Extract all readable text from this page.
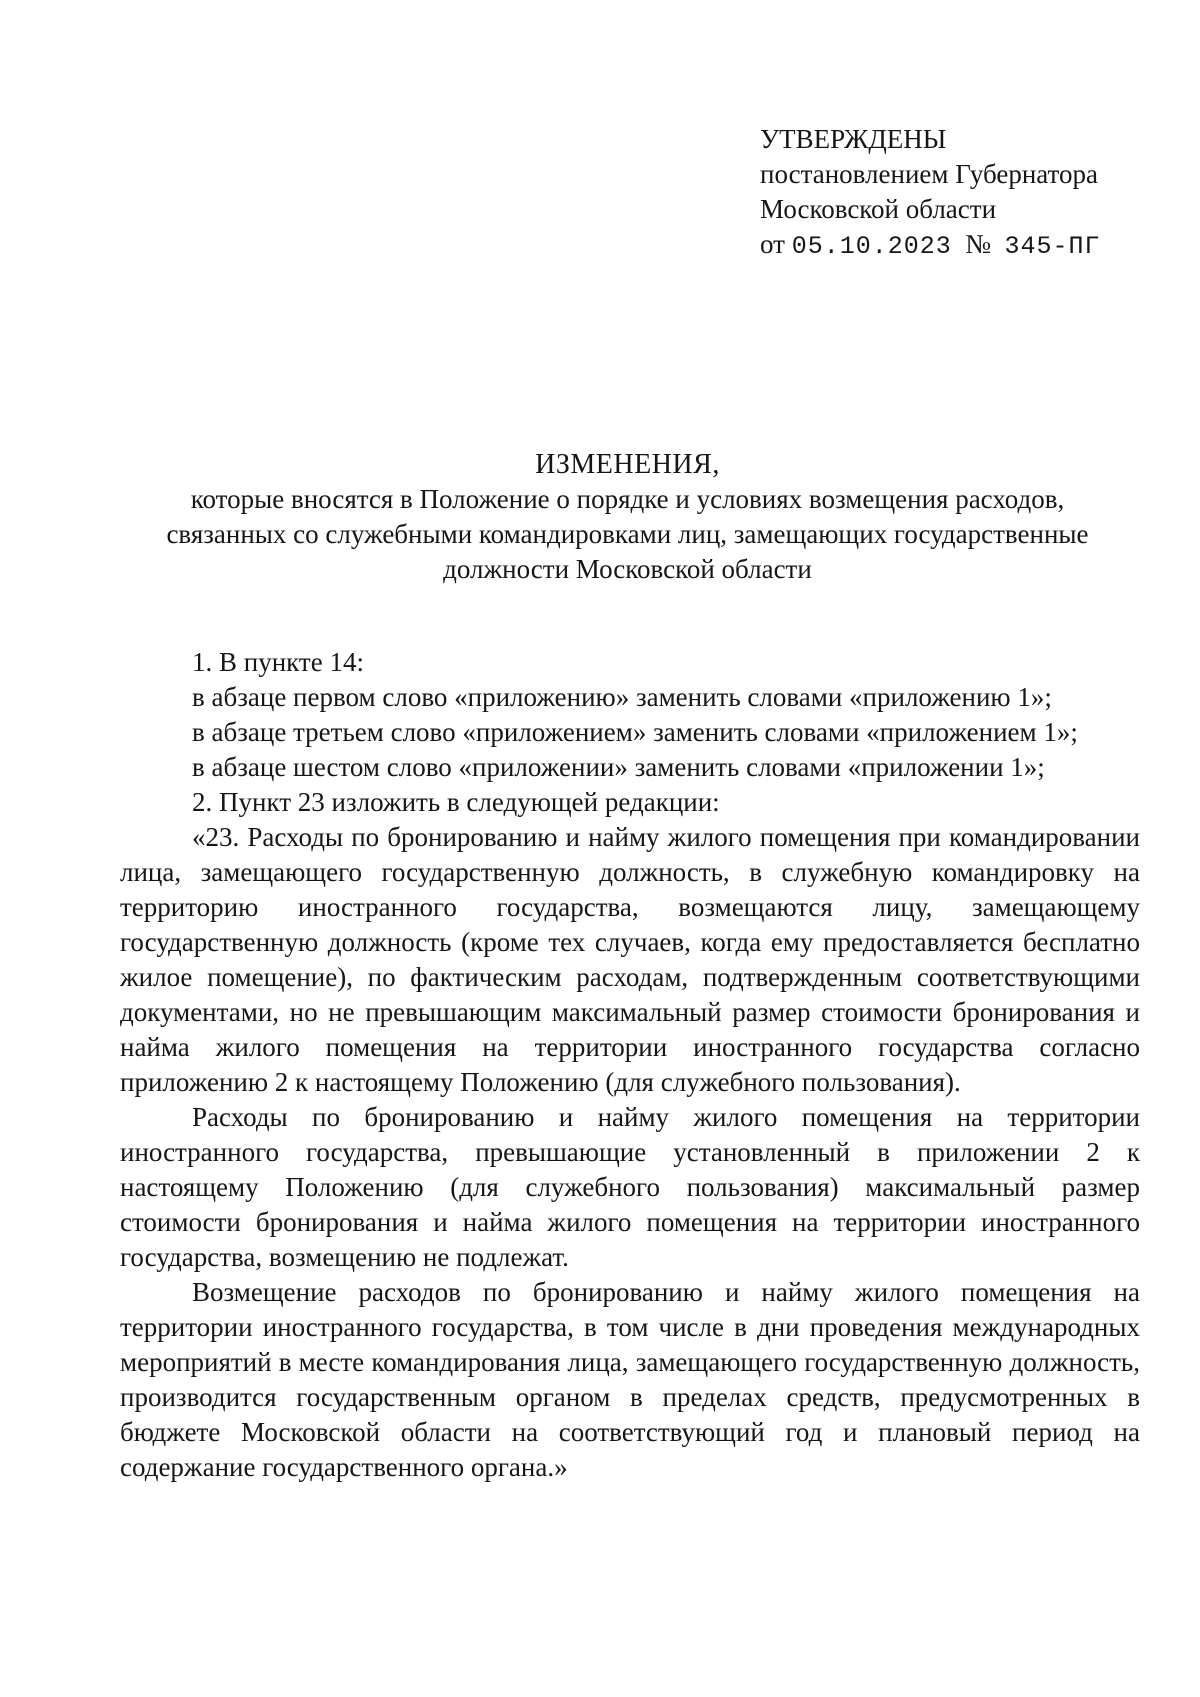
УТВЕРЖДЕНЫ
постановлением Губернатора
Московской области
от 05.10.2023 № 345-ПГ
ИЗМЕНЕНИЯ,
которые вносятся в Положение о порядке и условиях возмещения расходов,
связанных со служебными командировками лиц, замещающих государственные
должности Московской области

1. В пункте 14:

в абзаце первом слово «приложению» заменить словами «приложению 1»;

в абзаце третьем слово «приложением» заменить словами «приложением 1»;

в абзаце шестом слово «приложении» заменить словами «приложении 1»;

2. Пункт 23 изложить в следующей редакции:

«23. Расходы по бронированию и найму жилого помещения при командировании лица, замещающего государственную должность, в служебную командировку на территорию иностранного государства, возмещаются лицу, замещающему государственную должность (кроме тех случаев, когда ему предоставляется бесплатно жилое помещение), по фактическим расходам, подтвержденным соответствующими документами, но не превышающим максимальный размер стоимости бронирования и найма жилого помещения на территории иностранного государства согласно приложению 2 к настоящему Положению (для служебного пользования).

Расходы по бронированию и найму жилого помещения на территории иностранного государства, превышающие установленный в приложении 2 к настоящему Положению (для служебного пользования) максимальный размер стоимости бронирования и найма жилого помещения на территории иностранного государства, возмещению не подлежат.

Возмещение расходов по бронированию и найму жилого помещения на территории иностранного государства, в том числе в дни проведения международных мероприятий в месте командирования лица, замещающего государственную должность, производится государственным органом в пределах средств, предусмотренных в бюджете Московской области на соответствующий год и плановый период на содержание государственного органа.»
